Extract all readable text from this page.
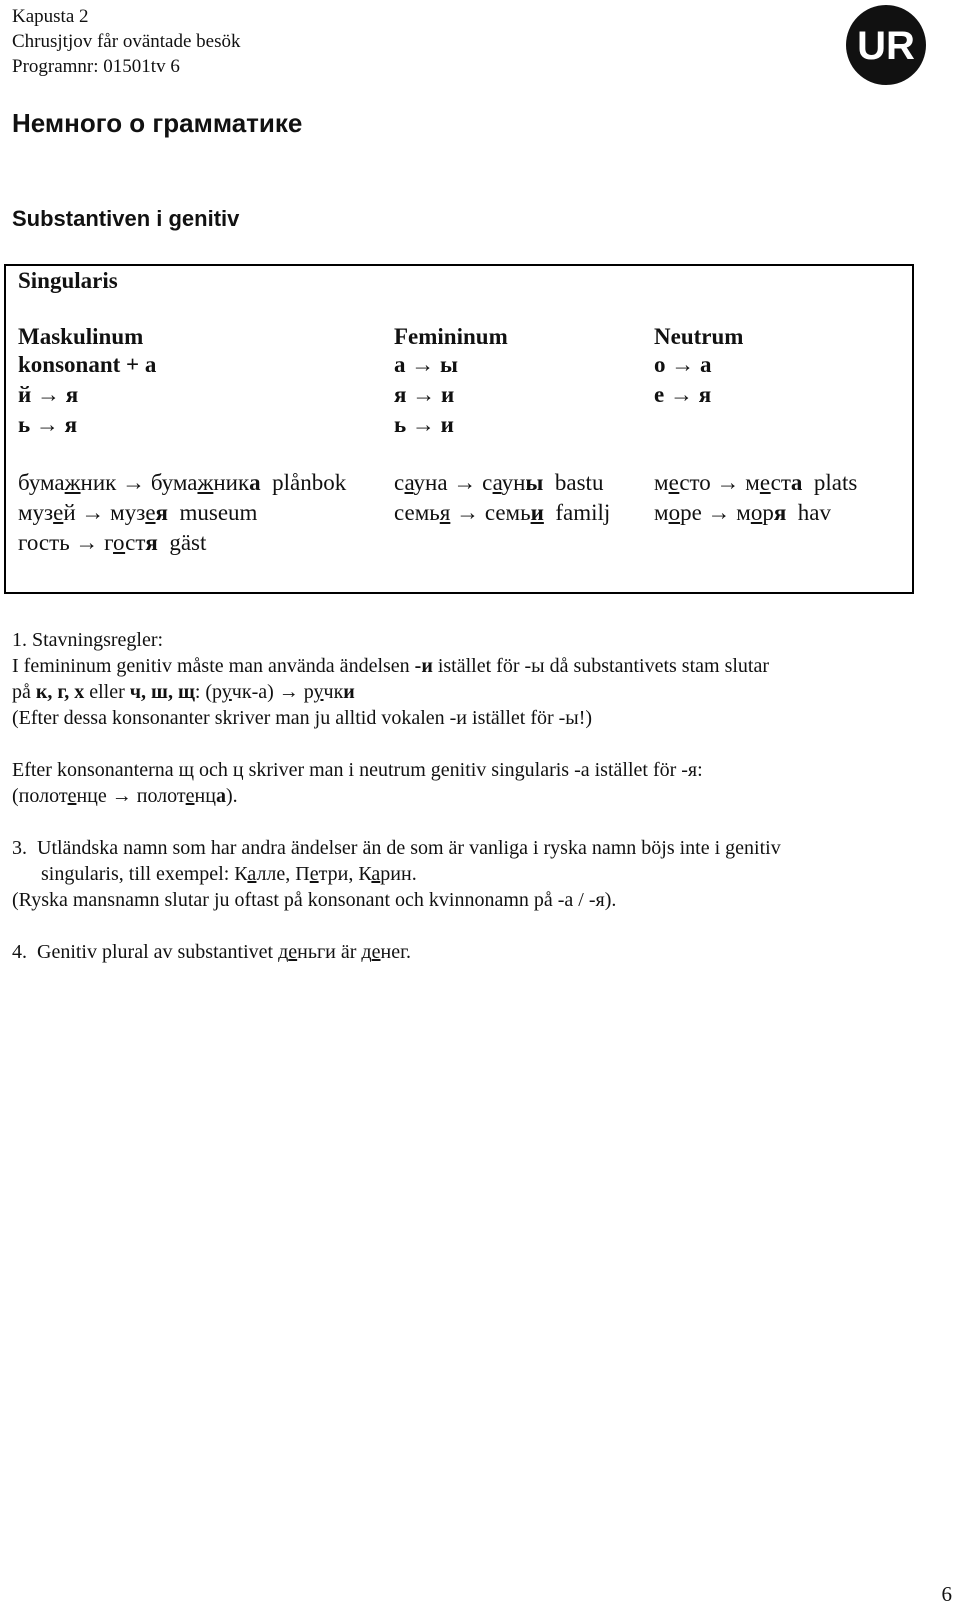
Kapusta 2
Chrusjtjov får oväntade besök
Programnr: 01501tv 6	UR
Немного о грамматике
Substantiven i genitiv
Singularis
Maskulinum
konsonant + а
й → я
ь → я
бумажник → бумажника plånbok
музей → музея museum
гость → гостя gäst
Femininum
а → ы
я → и
ь → и
сауна → сауны bastu
семья → семьи familj
Neutrum
о → а
е → я
место → места plats
море → моря hav
1. Stavningsregler:
I femininum genitiv måste man använda ändelsen -и istället för -ы då substantivets stam slutar
på к, г, х eller ч, ш, щ: (ручк-а) → ручки
(Efter dessa konsonanter skriver man ju alltid vokalen -и istället för -ы!)
Efter konsonanterna щ och ц skriver man i neutrum genitiv singularis -а istället för -я:
(полотенце → полотенца).
3. Utländska namn som har andra ändelser än de som är vanliga i ryska namn böjs inte i genitiv
singularis, till exempel: Калле, Петри, Карин.
(Ryska mansnamn slutar ju oftast på konsonant och kvinnonamn på -а / -я).
4. Genitiv plural av substantivet деньги är денег.
6
